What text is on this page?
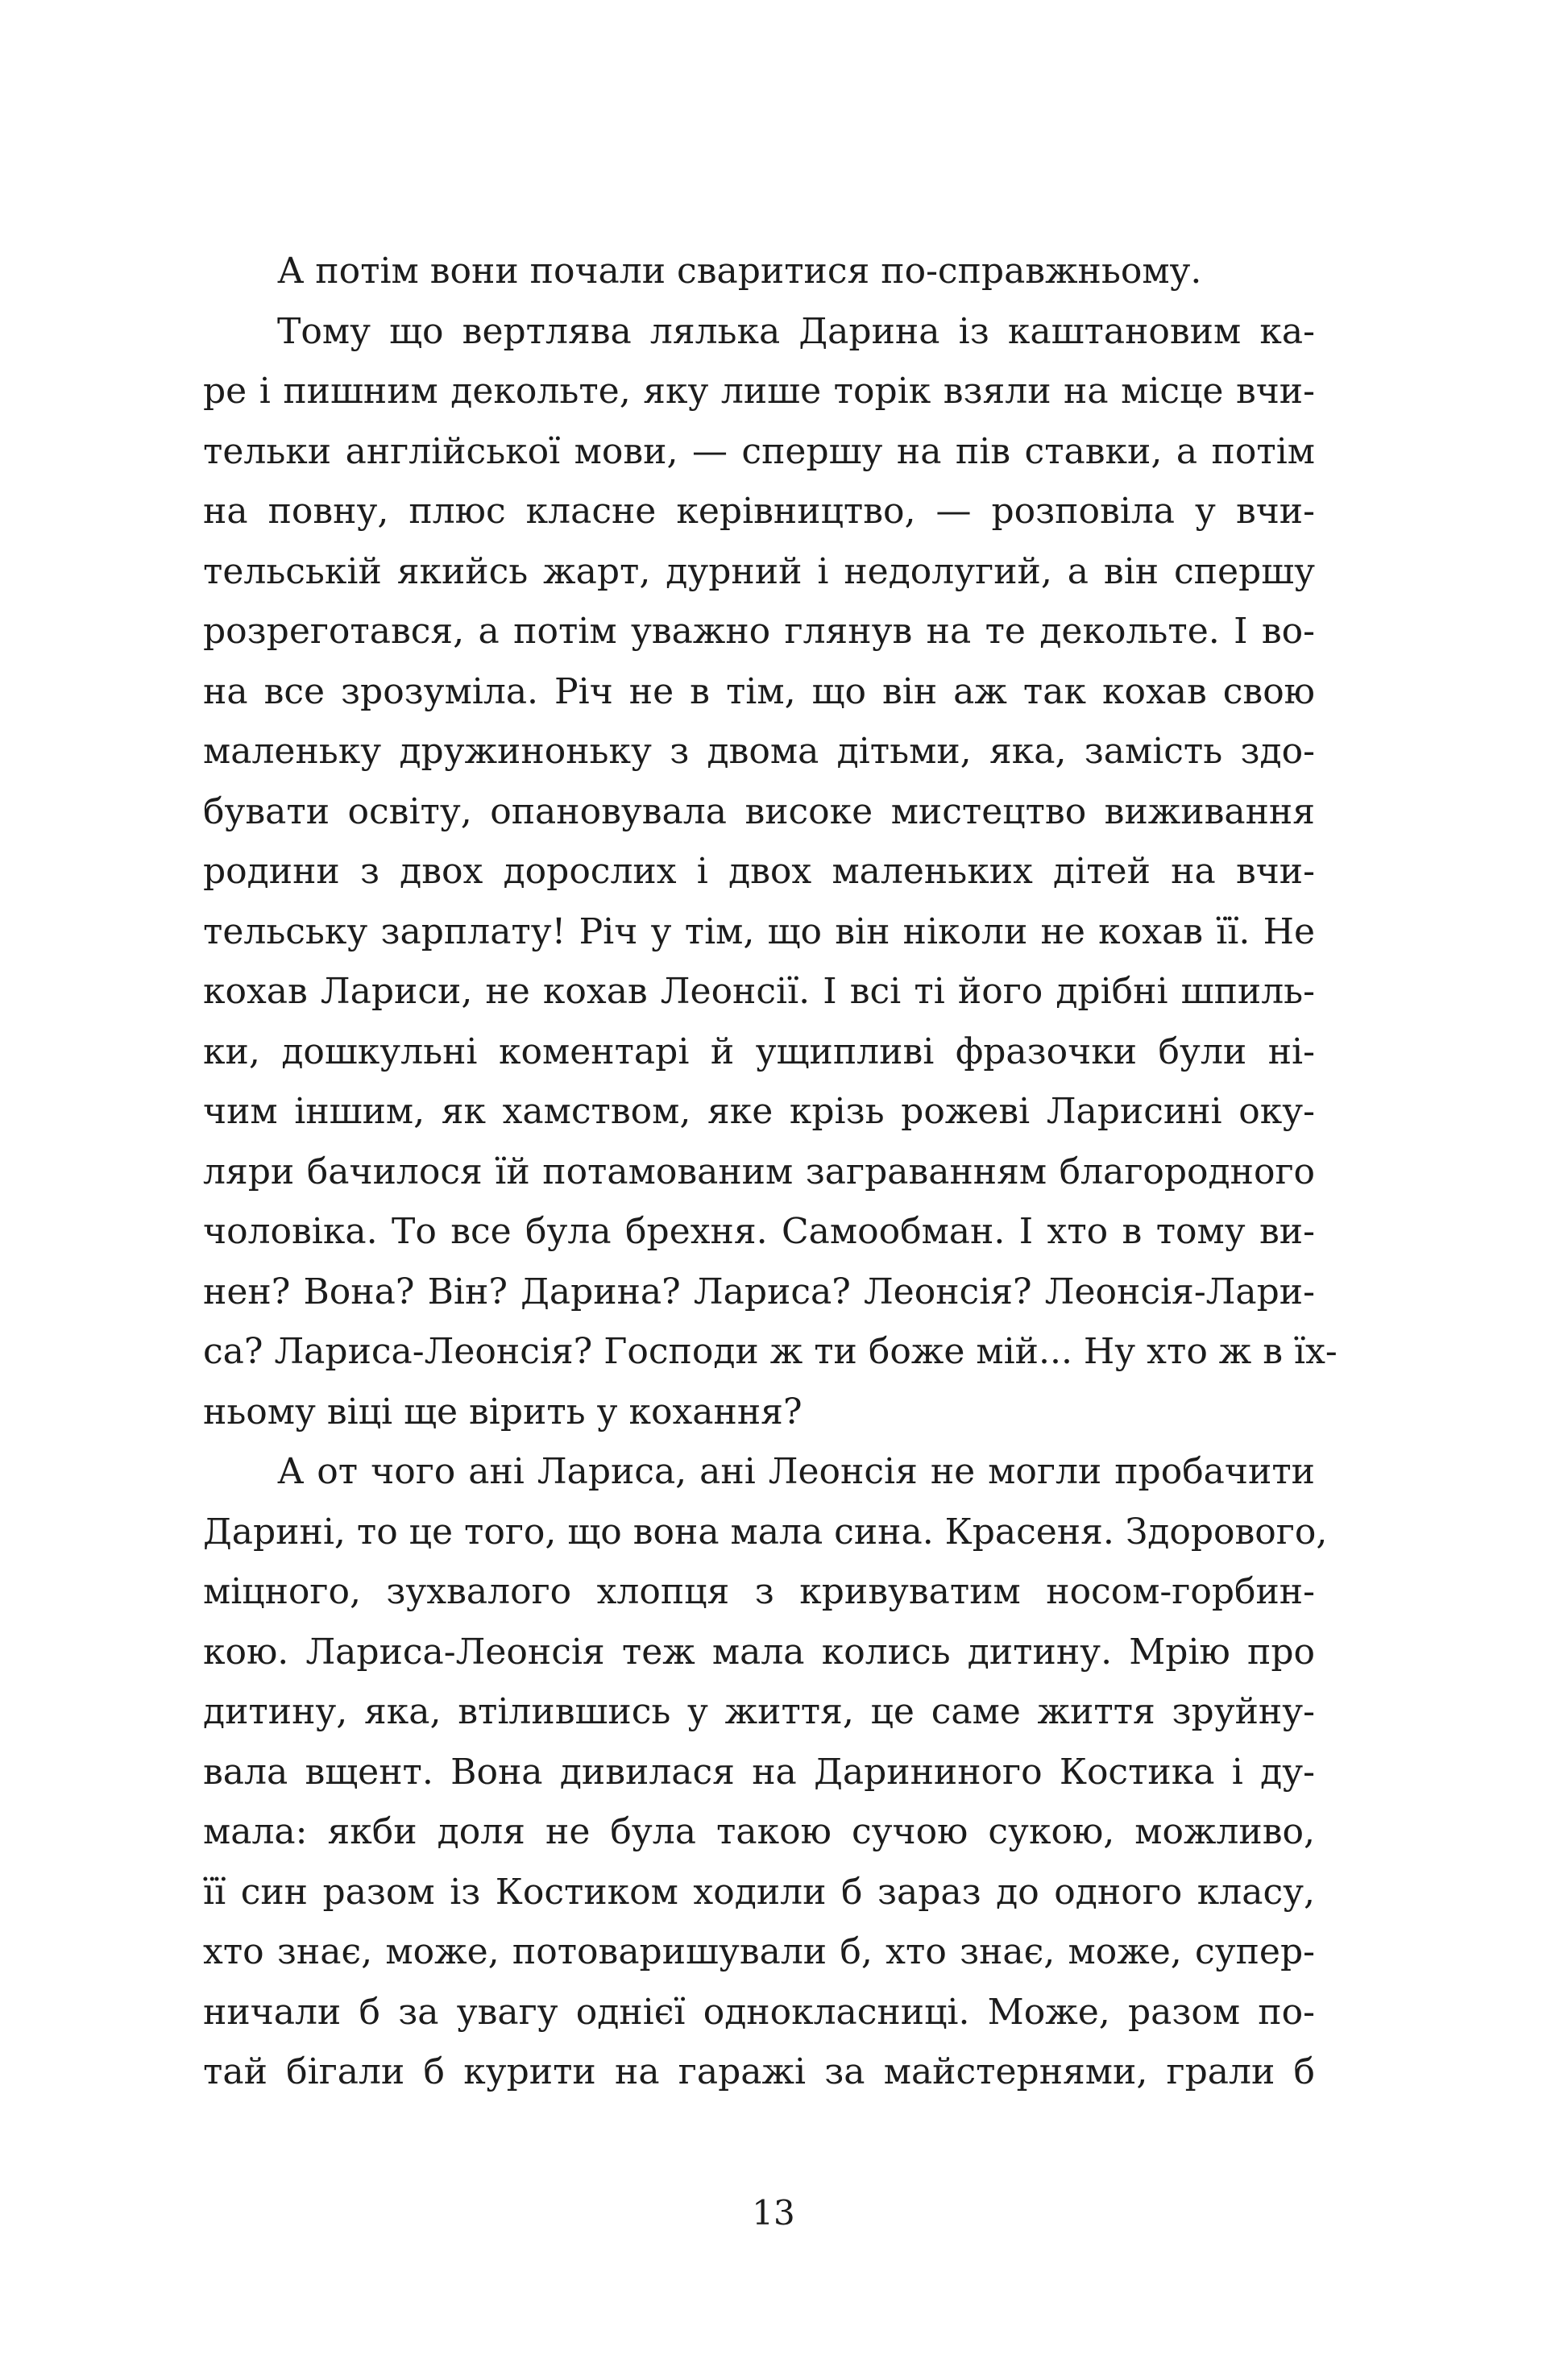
А потім вони почали сваритися по-справжньому.
Тому що вертлява лялька Дарина із каштановим ка-
ре і пишним декольте, яку лише торік взяли на місце вчи-
тельки англійської мови, — спершу на пів ставки, а потім
на повну, плюс класне керівництво, — розповіла у вчи-
тельській якийсь жарт, дурний і недолугий, а він спершу
розреготався, а потім уважно глянув на те декольте. І во-
на все зрозуміла. Річ не в тім, що він аж так кохав свою
маленьку дружиноньку з двома дітьми, яка, замість здо-
бувати освіту, опановувала високе мистецтво виживання
родини з двох дорослих і двох маленьких дітей на вчи-
тельську зарплату! Річ у тім, що він ніколи не кохав її. Не
кохав Лариси, не кохав Леонсії. І всі ті його дрібні шпиль-
ки, дошкульні коментарі й ущипливі фразочки були ні-
чим іншим, як хамством, яке крізь рожеві Ларисині оку-
ляри бачилося їй потамованим заграванням благородного
чоловіка. То все була брехня. Самообман. І хто в тому ви-
нен? Вона? Він? Дарина? Лариса? Леонсія? Леонсія-Лари-
са? Лариса-Леонсія? Господи ж ти боже мій... Ну хто ж в їх-
ньому віці ще вірить у кохання?
А от чого ані Лариса, ані Леонсія не могли пробачити
Дарині, то це того, що вона мала сина. Красеня. Здорового,
міцного, зухвалого хлопця з кривуватим носом-горбин-
кою. Лариса-Леонсія теж мала колись дитину. Мрію про
дитину, яка, втілившись у життя, це саме життя зруйну-
вала вщент. Вона дивилася на Дарининого Костика і ду-
мала: якби доля не була такою сучою сукою, можливо,
її син разом із Костиком ходили б зараз до одного класу,
хто знає, може, потоваришували б, хто знає, може, супер-
ничали б за увагу однієї однокласниці. Може, разом по-
тай бігали б курити на гаражі за майстернями, грали б
13
